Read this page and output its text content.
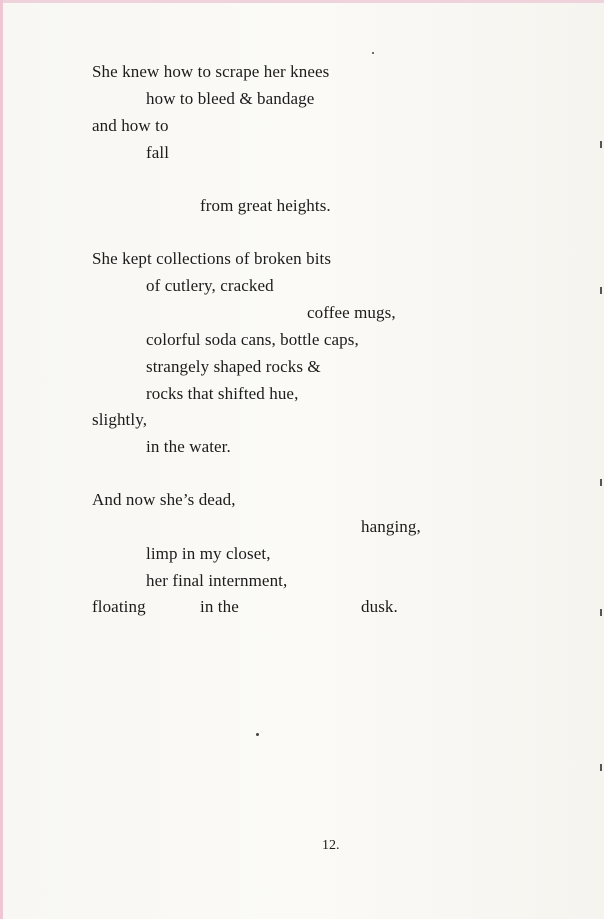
She knew how to scrape her knees
how to bleed & bandage
and how to
fall
from great heights.
She kept collections of broken bits
of cutlery, cracked
coffee mugs,
colorful soda cans, bottle caps,
strangely shaped rocks &
rocks that shifted hue,
slightly,
in the water.
And now she’s dead,
hanging,
limp in my closet,
her final internment,
floating	in the	dusk.
12.
